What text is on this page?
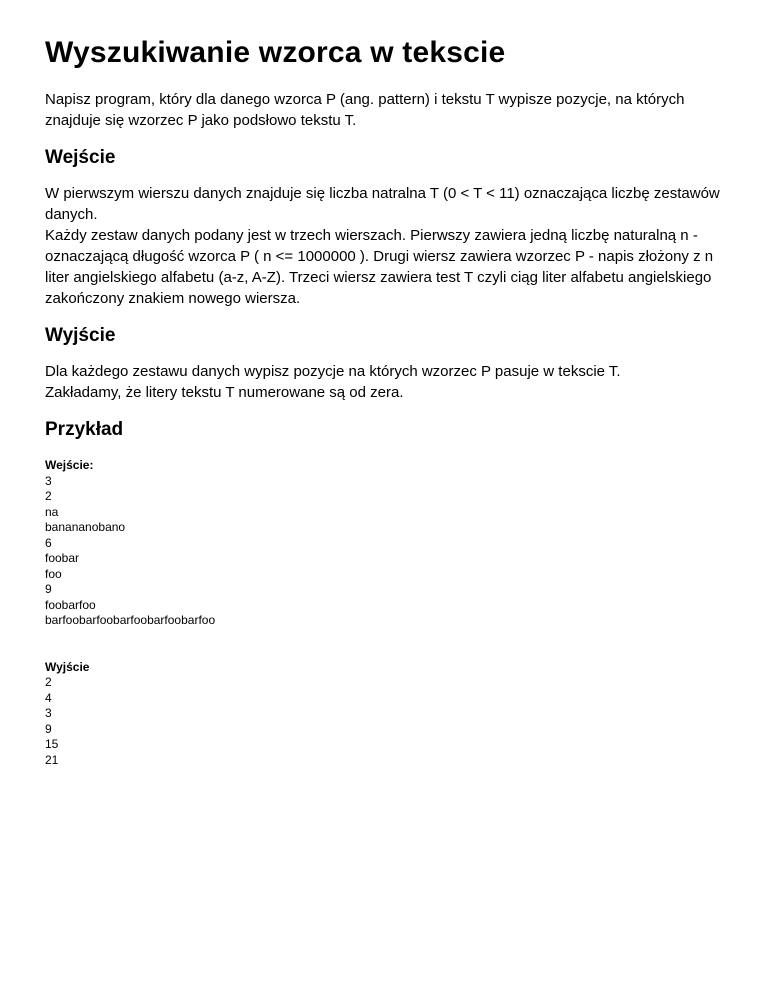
Wyszukiwanie wzorca w tekscie

Napisz program, który dla danego wzorca P (ang. pattern) i tekstu T wypisze pozycje, na których znajduje się wzorzec P jako podsłowo tekstu T.

Wejście

W pierwszym wierszu danych znajduje się liczba natralna T (0 < T < 11) oznaczająca liczbę zestawów danych.

Każdy zestaw danych podany jest w trzech wierszach. Pierwszy zawiera jedną liczbę naturalną n - oznaczającą długość wzorca P ( n <= 1000000 ). Drugi wiersz zawiera wzorzec P - napis złożony z n liter angielskiego alfabetu (a-z, A-Z). Trzeci wiersz zawiera test T czyli ciąg liter alfabetu angielskiego zakończony znakiem nowego wiersza.

Wyjście

Dla każdego zestawu danych wypisz pozycje na których wzorzec P pasuje w tekscie T.

Zakładamy, że litery tekstu T numerowane są od zera.

Przykład
Wejście:
3
2
na
banananobano
6
foobar
foo
9
foobarfoo
barfoobarfoobarfoobarfoobarfoo
Wyjście
2
4
3
9
15
21
